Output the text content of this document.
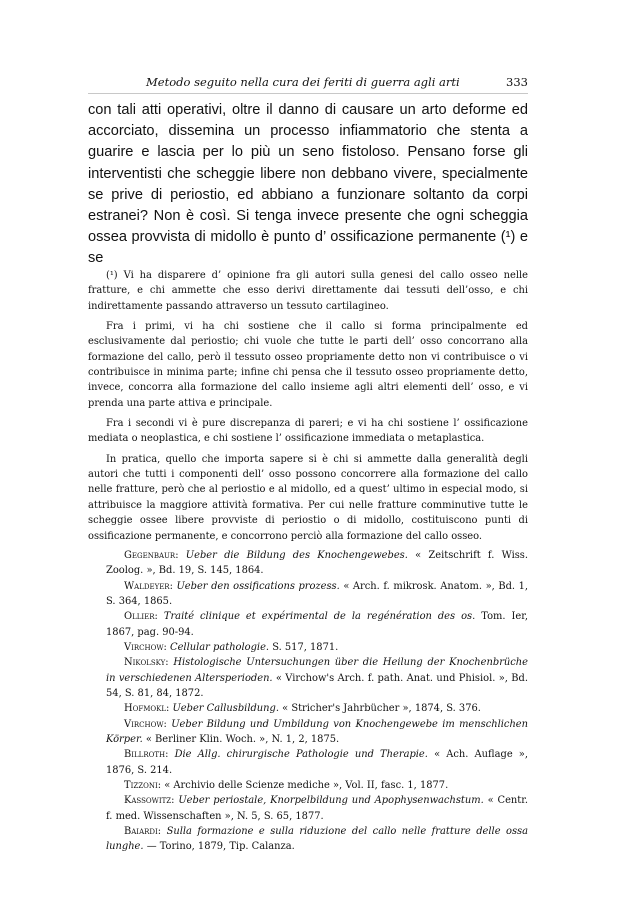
Metodo seguito nella cura dei feriti di guerra agli arti	333

con tali atti operativi, oltre il danno di causare un arto deforme ed accorciato, dissemina un processo infiammatorio che stenta a guarire e lascia per lo più un seno fistoloso. Pensano forse gli interventisti che scheggie libere non debbano vivere, specialmente se prive di periostio, ed abbiano a funzionare soltanto da corpi estranei? Non è così. Si tenga invece presente che ogni scheggia ossea provvista di midollo è punto d’ ossificazione permanente (¹) e se

(¹) Vi ha disparere d’ opinione fra gli autori sulla genesi del callo osseo nelle fratture, e chi ammette che esso derivi direttamente dai tessuti dell’osso, e chi indirettamente passando attraverso un tessuto cartilagineo.

Fra i primi, vi ha chi sostiene che il callo si forma principalmente ed esclusivamente dal periostio; chi vuole che tutte le parti dell’ osso concorrano alla formazione del callo, però il tessuto osseo propriamente detto non vi contribuisce o vi contribuisce in minima parte; infine chi pensa che il tessuto osseo propriamente detto, invece, concorra alla formazione del callo insieme agli altri elementi dell’ osso, e vi prenda una parte attiva e principale.

Fra i secondi vi è pure discrepanza di pareri; e vi ha chi sostiene l’ ossificazione mediata o neoplastica, e chi sostiene l’ ossificazione immediata o metaplastica.

In pratica, quello che importa sapere si è chi si ammette dalla generalità degli autori che tutti i componenti dell’ osso possono concorrere alla formazione del callo nelle fratture, però che al periostio e al midollo, ed a quest’ ultimo in especial modo, si attribuisce la maggiore attività formativa. Per cui nelle fratture comminutive tutte le scheggie ossee libere provviste di periostio o di midollo, costituiscono punti di ossificazione permanente, e concorrono perciò alla formazione del callo osseo.

Gegenbaur: Ueber die Bildung des Knochengewebes. « Zeitschrift f. Wiss. Zoolog. », Bd. 19, S. 145, 1864.

Waldeyer: Ueber den ossifications prozess. « Arch. f. mikrosk. Anatom. », Bd. 1, S. 364, 1865.

Ollier: Traité clinique et expérimental de la regénération des os. Tom. Ier, 1867, pag. 90-94.

Virchow: Cellular pathologie. S. 517, 1871.

Nikolsky: Histologische Untersuchungen über die Heilung der Knochenbrüche in verschiedenen Altersperioden. « Virchow's Arch. f. path. Anat. und Phisiol. », Bd. 54, S. 81, 84, 1872.

Hofmokl: Ueber Callusbildung. « Stricher's Jahrbücher », 1874, S. 376.

Virchow: Ueber Bildung und Umbildung von Knochengewebe im menschlichen Körper. « Berliner Klin. Woch. », N. 1, 2, 1875.

Billroth: Die Allg. chirurgische Pathologie und Therapie. « Ach. Auflage », 1876, S. 214.

Tizzoni: « Archivio delle Scienze mediche », Vol. II, fasc. 1, 1877.

Kassowitz: Ueber periostale, Knorpelbildung und Apophysenwachstum. « Centr. f. med. Wissenschaften », N. 5, S. 65, 1877.

Baiardi: Sulla formazione e sulla riduzione del callo nelle fratture delle ossa lunghe. — Torino, 1879, Tip. Calanza.
